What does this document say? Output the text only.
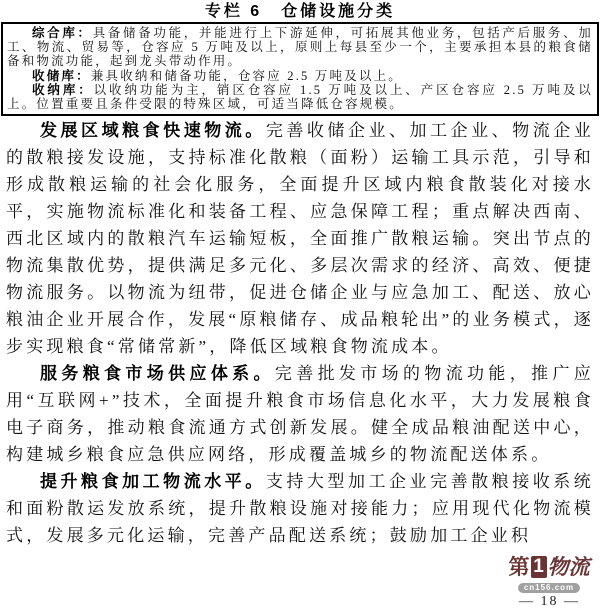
专栏 6　仓储设施分类

综合库：具备储备功能，并能进行上下游延伸，可拓展其他业务，包括产后服务、加工、物流、贸易等，仓容应 5 万吨及以上，原则上每县至少一个，主要承担本县的粮食储备和物流功能，起到龙头带动作用。

收储库：兼具收纳和储备功能，仓容应 2.5 万吨及以上。

收纳库：以收纳功能为主，销区仓容应 1.5 万吨及以上、产区仓容应 2.5 万吨及以上。位置重要且条件受限的特殊区域，可适当降低仓容规模。

发展区域粮食快速物流。完善收储企业、加工企业、物流企业的散粮接发设施，支持标准化散粮（面粉）运输工具示范，引导和形成散粮运输的社会化服务，全面提升区域内粮食散装化对接水平，实施物流标准化和装备工程、应急保障工程；重点解决西南、西北区域内的散粮汽车运输短板，全面推广散粮运输。突出节点的物流集散优势，提供满足多元化、多层次需求的经济、高效、便捷物流服务。以物流为纽带，促进仓储企业与应急加工、配送、放心粮油企业开展合作，发展“原粮储存、成品粮轮出”的业务模式，逐步实现粮食“常储常新”，降低区域粮食物流成本。

服务粮食市场供应体系。完善批发市场的物流功能，推广应用“互联网+”技术，全面提升粮食市场信息化水平，大力发展粮食电子商务，推动粮食流通方式创新发展。健全成品粮油配送中心，构建城乡粮食应急供应网络，形成覆盖城乡的物流配送体系。

提升粮食加工物流水平。支持大型加工企业完善散粮接收系统和面粉散运发放系统，提升散粮设施对接能力；应用现代化物流模式，发展多元化运输，完善产品配送系统；鼓励加工企业积

第 1 物流
cn156.com
— 18 —
